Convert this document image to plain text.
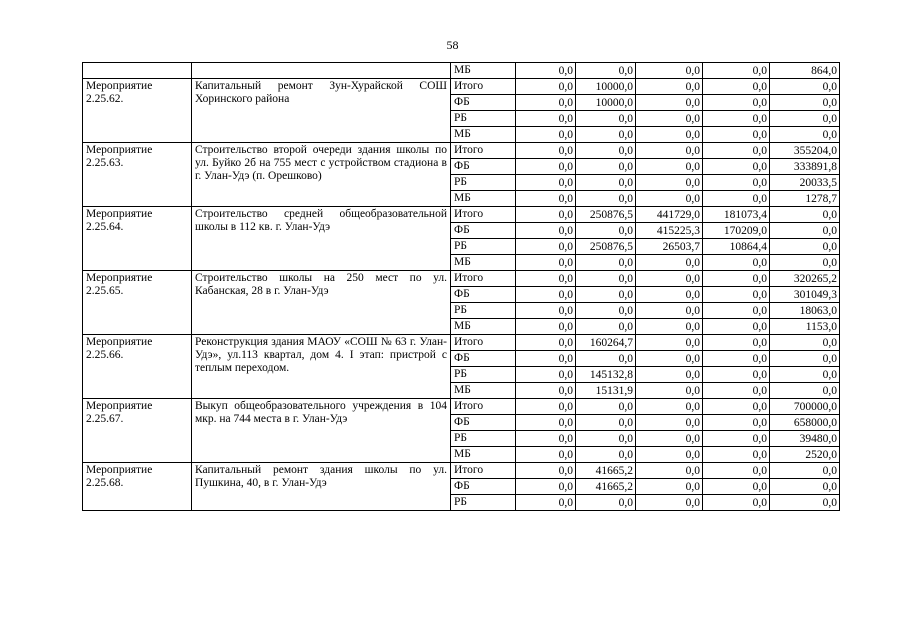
58
		МБ	0,0	0,0	0,0	0,0	864,0
Мероприятие 2.25.62.	Капитальный ремонт Зун-Хурайской СОШ Хоринского района	Итого	0,0	10000,0	0,0	0,0	0,0
		ФБ	0,0	10000,0	0,0	0,0	0,0
		РБ	0,0	0,0	0,0	0,0	0,0
		МБ	0,0	0,0	0,0	0,0	0,0
Мероприятие 2.25.63.	Строительство второй очереди здания школы по ул. Буйко 2б на 755 мест с устройством стадиона в г. Улан-Удэ (п. Орешково)	Итого	0,0	0,0	0,0	0,0	355204,0
		ФБ	0,0	0,0	0,0	0,0	333891,8
		РБ	0,0	0,0	0,0	0,0	20033,5
		МБ	0,0	0,0	0,0	0,0	1278,7
Мероприятие 2.25.64.	Строительство средней общеобразовательной школы в 112 кв. г. Улан-Удэ	Итого	0,0	250876,5	441729,0	181073,4	0,0
		ФБ	0,0	0,0	415225,3	170209,0	0,0
		РБ	0,0	250876,5	26503,7	10864,4	0,0
		МБ	0,0	0,0	0,0	0,0	0,0
Мероприятие 2.25.65.	Строительство школы на 250 мест по ул. Кабанская, 28 в г. Улан-Удэ	Итого	0,0	0,0	0,0	0,0	320265,2
		ФБ	0,0	0,0	0,0	0,0	301049,3
		РБ	0,0	0,0	0,0	0,0	18063,0
		МБ	0,0	0,0	0,0	0,0	1153,0
Мероприятие 2.25.66.	Реконструкция здания МАОУ «СОШ № 63 г. Улан-Удэ», ул.113 квартал, дом 4. I этап: пристрой с теплым переходом.	Итого	0,0	160264,7	0,0	0,0	0,0
		ФБ	0,0	0,0	0,0	0,0	0,0
		РБ	0,0	145132,8	0,0	0,0	0,0
		МБ	0,0	15131,9	0,0	0,0	0,0
Мероприятие 2.25.67.	Выкуп общеобразовательного учреждения в 104 мкр. на 744 места в г. Улан-Удэ	Итого	0,0	0,0	0,0	0,0	700000,0
		ФБ	0,0	0,0	0,0	0,0	658000,0
		РБ	0,0	0,0	0,0	0,0	39480,0
		МБ	0,0	0,0	0,0	0,0	2520,0
Мероприятие 2.25.68.	Капитальный ремонт здания школы по ул. Пушкина, 40, в г. Улан-Удэ	Итого	0,0	41665,2	0,0	0,0	0,0
		ФБ	0,0	41665,2	0,0	0,0	0,0
		РБ	0,0	0,0	0,0	0,0	0,0
